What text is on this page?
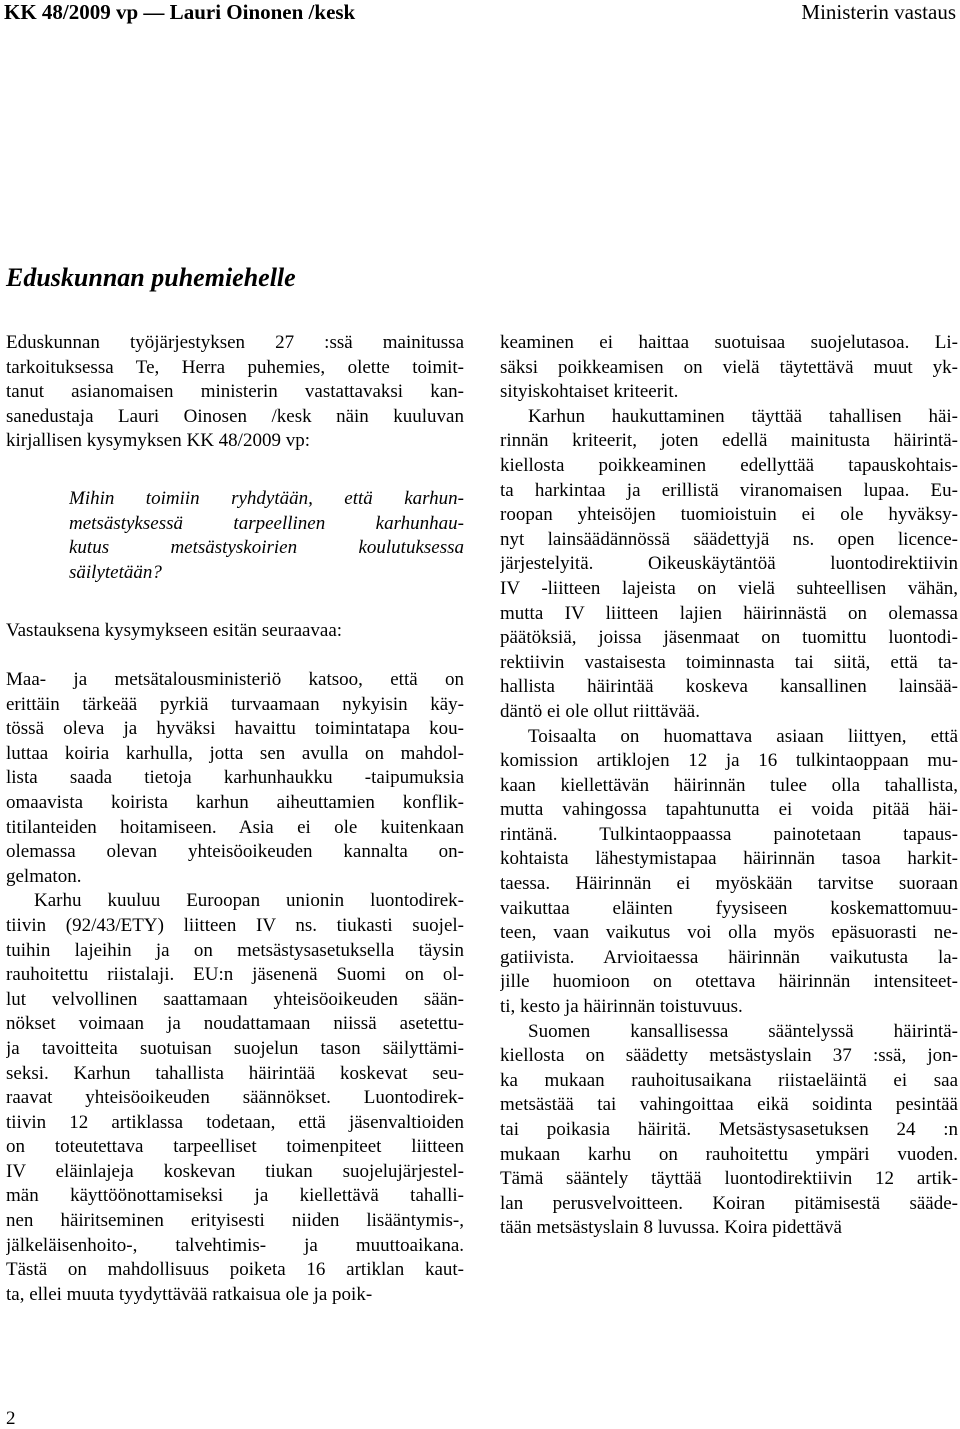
KK 48/2009 vp — Lauri Oinonen /kesk	Ministerin vastaus
Eduskunnan puhemiehelle
Eduskunnan työjärjestyksen 27 :ssä mainitussa
tarkoituksessa Te, Herra puhemies, olette toimit-
tanut asianomaisen ministerin vastattavaksi kan-
sanedustaja Lauri Oinosen /kesk näin kuuluvan
kirjallisen kysymyksen KK 48/2009 vp:
Mihin toimiin ryhdytään, että karhun-
metsästyksessä tarpeellinen karhunhau-
kutus metsästyskoirien koulutuksessa
säilytetään?
Vastauksena kysymykseen esitän seuraavaa:
Maa- ja metsätalousministeriö katsoo, että on
erittäin tärkeää pyrkiä turvaamaan nykyisin käy-
tössä oleva ja hyväksi havaittu toimintatapa kou-
luttaa koiria karhulla, jotta sen avulla on mahdol-
lista saada tietoja karhunhaukku -taipumuksia
omaavista koirista karhun aiheuttamien konflik-
titilanteiden hoitamiseen. Asia ei ole kuitenkaan
olemassa olevan yhteisöoikeuden kannalta on-
gelmaton.
Karhu kuuluu Euroopan unionin luontodirek-
tiivin (92/43/ETY) liitteen IV ns. tiukasti suojel-
tuihin lajeihin ja on metsästysasetuksella täysin
rauhoitettu riistalaji. EU:n jäsenenä Suomi on ol-
lut velvollinen saattamaan yhteisöoikeuden sään-
nökset voimaan ja noudattamaan niissä asetettu-
ja tavoitteita suotuisan suojelun tason säilyttämi-
seksi. Karhun tahallista häirintää koskevat seu-
raavat yhteisöoikeuden säännökset. Luontodirek-
tiivin 12 artiklassa todetaan, että jäsenvaltioiden
on toteutettava tarpeelliset toimenpiteet liitteen
IV eläinlajeja koskevan tiukan suojelujärjestel-
män käyttöönottamiseksi ja kiellettävä tahalli-
nen häiritseminen erityisesti niiden lisääntymis-,
jälkeläisenhoito-, talvehtimis- ja muuttoaikana.
Tästä on mahdollisuus poiketa 16 artiklan kaut-
ta, ellei muuta tyydyttävää ratkaisua ole ja poik-
keaminen ei haittaa suotuisaa suojelutasoa. Li-
säksi poikkeamisen on vielä täytettävä muut yk-
sityiskohtaiset kriteerit.
Karhun haukuttaminen täyttää tahallisen häi-
rinnän kriteerit, joten edellä mainitusta häirintä-
kiellosta poikkeaminen edellyttää tapauskohtais-
ta harkintaa ja erillistä viranomaisen lupaa. Eu-
roopan yhteisöjen tuomioistuin ei ole hyväksy-
nyt lainsäädännössä säädettyjä ns. open licence-
järjestelyitä. Oikeuskäytäntöä luontodirektiivin
IV -liitteen lajeista on vielä suhteellisen vähän,
mutta IV liitteen lajien häirinnästä on olemassa
päätöksiä, joissa jäsenmaat on tuomittu luontodi-
rektiivin vastaisesta toiminnasta tai siitä, että ta-
hallista häirintää koskeva kansallinen lainsää-
däntö ei ole ollut riittävää.
Toisaalta on huomattava asiaan liittyen, että
komission artiklojen 12 ja 16 tulkintaoppaan mu-
kaan kiellettävän häirinnän tulee olla tahallista,
mutta vahingossa tapahtunutta ei voida pitää häi-
rintänä. Tulkintaoppaassa painotetaan tapaus-
kohtaista lähestymistapaa häirinnän tasoa harkit-
taessa. Häirinnän ei myöskään tarvitse suoraan
vaikuttaa eläinten fyysiseen koskemattomuu-
teen, vaan vaikutus voi olla myös epäsuorasti ne-
gatiivista. Arvioitaessa häirinnän vaikutusta la-
jille huomioon on otettava häirinnän intensiteet-
ti, kesto ja häirinnän toistuvuus.
Suomen kansallisessa sääntelyssä häirintä-
kiellosta on säädetty metsästyslain 37 :ssä, jon-
ka mukaan rauhoitusaikana riistaeläintä ei saa
metsästää tai vahingoittaa eikä soidinta pesintää
tai poikasia häiritä. Metsästysasetuksen 24 :n
mukaan karhu on rauhoitettu ympäri vuoden.
Tämä sääntely täyttää luontodirektiivin 12 artik-
lan perusvelvoitteen. Koiran pitämisestä sääde-
tään metsästyslain 8 luvussa. Koira pidettävä
2
